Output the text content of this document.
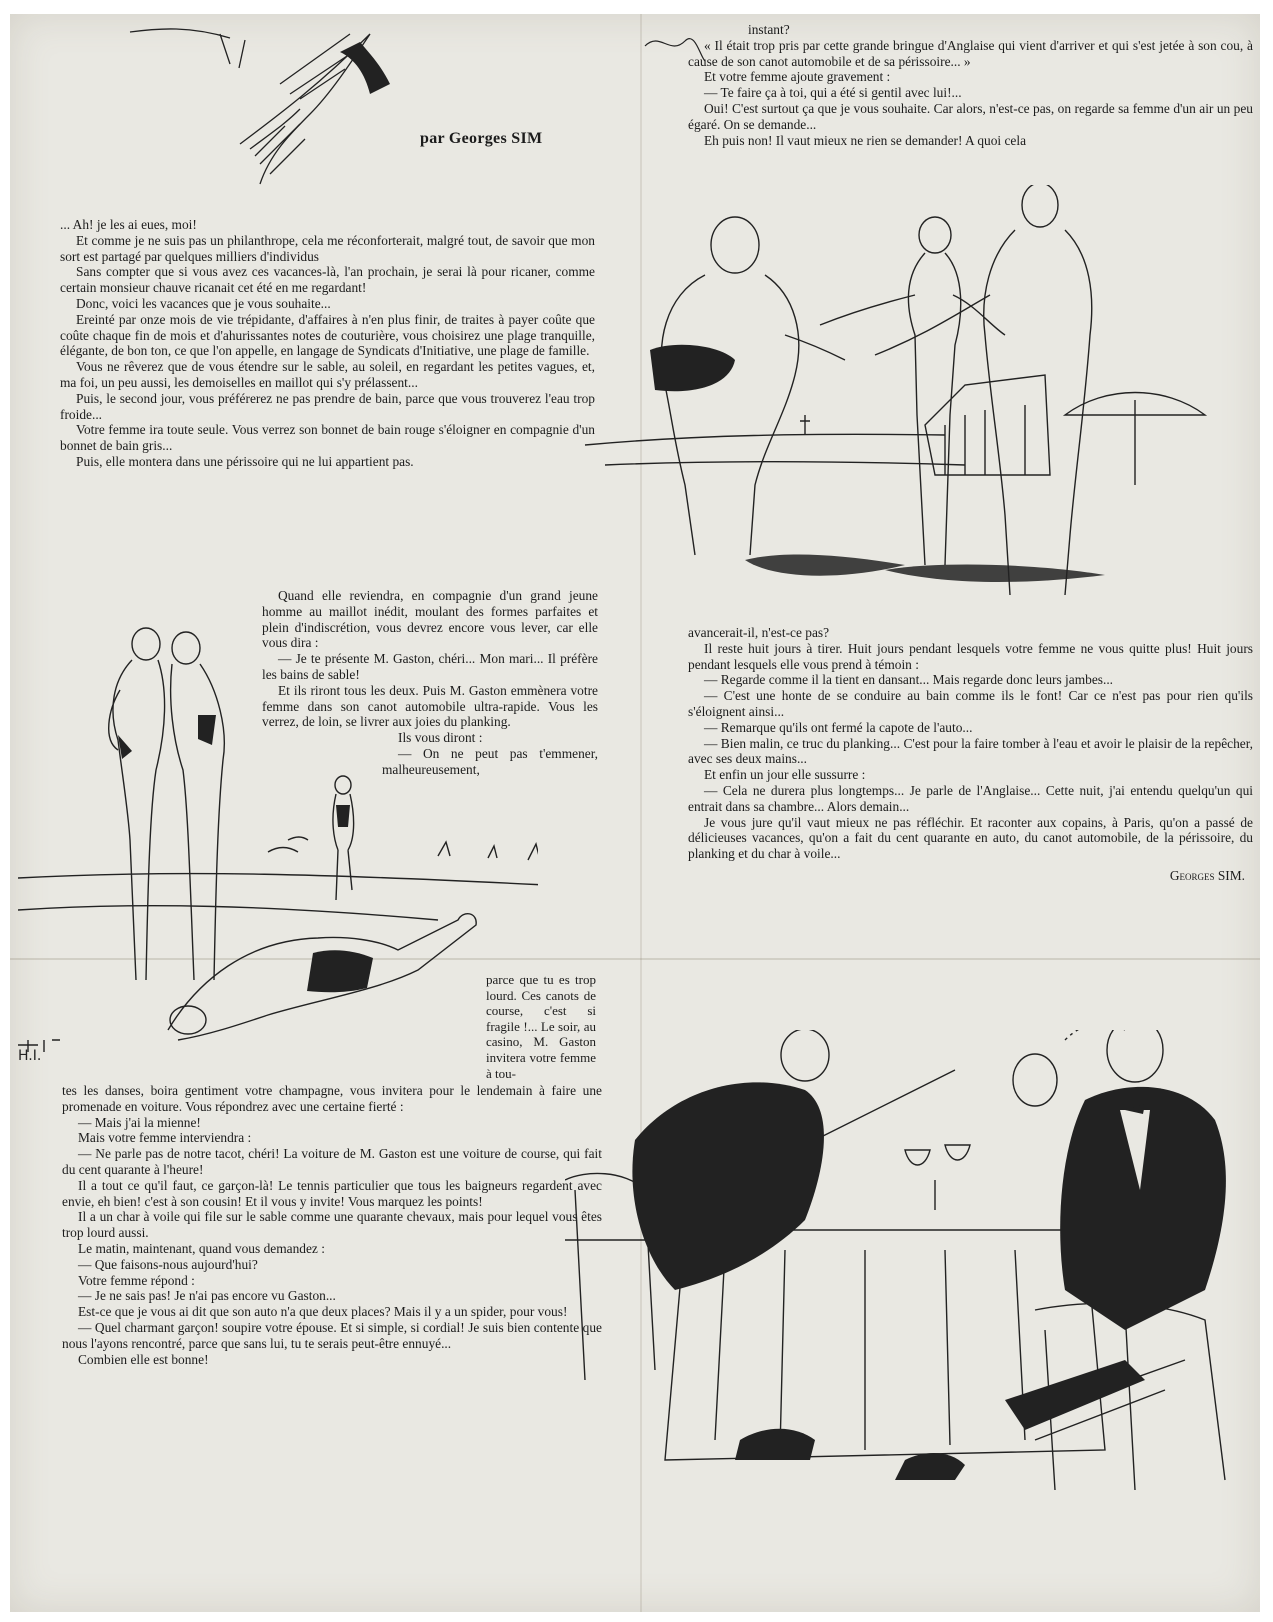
par Georges SIM

... Ah! je les ai eues, moi!

Et comme je ne suis pas un philanthrope, cela me réconforterait, malgré tout, de savoir que mon sort est partagé par quelques milliers d'individus

Sans compter que si vous avez ces vacances-là, l'an prochain, je serai là pour ricaner, comme certain monsieur chauve ricanait cet été en me regardant!

Donc, voici les vacances que je vous souhaite...

Ereinté par onze mois de vie trépidante, d'affaires à n'en plus finir, de traites à payer coûte que coûte chaque fin de mois et d'ahurissantes notes de couturière, vous choisirez une plage tranquille, élégante, de bon ton, ce que l'on appelle, en langage de Syndicats d'Initiative, une plage de famille.

Vous ne rêverez que de vous étendre sur le sable, au soleil, en regardant les petites vagues, et, ma foi, un peu aussi, les demoiselles en maillot qui s'y prélassent...

Puis, le second jour, vous préférerez ne pas prendre de bain, parce que vous trouverez l'eau trop froide...

Votre femme ira toute seule. Vous verrez son bonnet de bain rouge s'éloigner en compagnie d'un bonnet de bain gris...

Puis, elle montera dans une périssoire qui ne lui appartient pas.

Quand elle reviendra, en compagnie d'un grand jeune homme au maillot inédit, moulant des formes parfaites et plein d'indiscrétion, vous devrez encore vous lever, car elle vous dira :

— Je te présente M. Gaston, chéri... Mon mari... Il préfère les bains de sable!

Et ils riront tous les deux. Puis M. Gaston emmènera votre femme dans son canot automobile ultra-rapide. Vous les verrez, de loin, se livrer aux joies du planking.

Ils vous diront :

— On ne peut pas t'emmener, malheureusement,

parce que tu es trop lourd. Ces canots de course, c'est si fragile !... Le soir, au casino, M. Gaston invitera votre femme à tou-

H.I.

tes les danses, boira gentiment votre champagne, vous invitera pour le lendemain à faire une promenade en voiture. Vous répondrez avec une certaine fierté :

— Mais j'ai la mienne!

Mais votre femme interviendra :

— Ne parle pas de notre tacot, chéri! La voiture de M. Gaston est une voiture de course, qui fait du cent quarante à l'heure!

Il a tout ce qu'il faut, ce garçon-là! Le tennis particulier que tous les baigneurs regardent avec envie, eh bien! c'est à son cousin! Et il vous y invite! Vous marquez les points!

Il a un char à voile qui file sur le sable comme une quarante chevaux, mais pour lequel vous êtes trop lourd aussi.

Le matin, maintenant, quand vous demandez :

— Que faisons-nous aujourd'hui?

Votre femme répond :

— Je ne sais pas! Je n'ai pas encore vu Gaston...

Est-ce que je vous ai dit que son auto n'a que deux places? Mais il y a un spider, pour vous!

— Quel charmant garçon! soupire votre épouse. Et si simple, si cordial! Je suis bien contente que nous l'ayons rencontré, parce que sans lui, tu te serais peut-être ennuyé...

Combien elle est bonne!

instant?

« Il était trop pris par cette grande bringue d'Anglaise qui vient d'arriver et qui s'est jetée à son cou, à cause de son canot automobile et de sa périssoire... »

Et votre femme ajoute gravement :

— Te faire ça à toi, qui a été si gentil avec lui!...

Oui! C'est surtout ça que je vous souhaite. Car alors, n'est-ce pas, on regarde sa femme d'un air un peu égaré. On se demande...

Eh puis non! Il vaut mieux ne rien se demander! A quoi cela

avancerait-il, n'est-ce pas?

Il reste huit jours à tirer. Huit jours pendant lesquels votre femme ne vous quitte plus! Huit jours pendant lesquels elle vous prend à témoin :

— Regarde comme il la tient en dansant... Mais regarde donc leurs jambes...

— C'est une honte de se conduire au bain comme ils le font! Car ce n'est pas pour rien qu'ils s'éloignent ainsi...

— Remarque qu'ils ont fermé la capote de l'auto...

— Bien malin, ce truc du planking... C'est pour la faire tomber à l'eau et avoir le plaisir de la repêcher, avec ses deux mains...

Et enfin un jour elle sussurre :

— Cela ne durera plus longtemps... Je parle de l'Anglaise... Cette nuit, j'ai entendu quelqu'un qui entrait dans sa chambre... Alors demain...

Je vous jure qu'il vaut mieux ne pas réfléchir. Et raconter aux copains, à Paris, qu'on a passé de délicieuses vacances, qu'on a fait du cent quarante en auto, du canot automobile, de la périssoire, du planking et du char à voile...

Georges SIM.
